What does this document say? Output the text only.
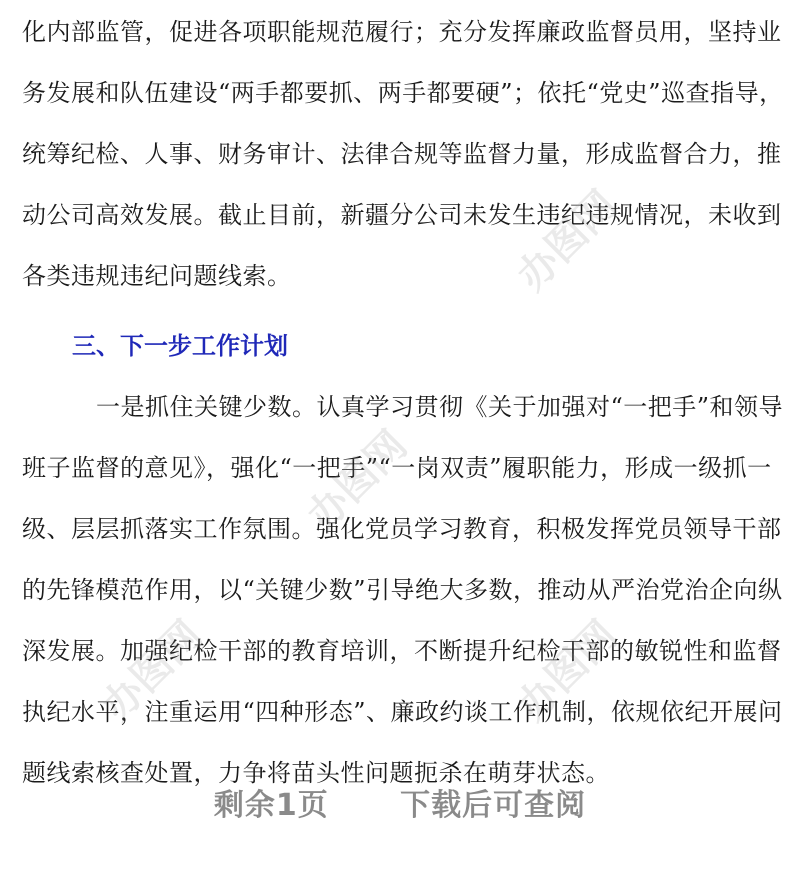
化内部监管，促进各项职能规范履行；充分发挥廉政监督员用，坚持业
务发展和队伍建设“两手都要抓、两手都要硬”；依托“党史”巡查指导，
统筹纪检、人事、财务审计、法律合规等监督力量，形成监督合力，推
动公司高效发展。截止目前，新疆分公司未发生违纪违规情况，未收到
各类违规违纪问题线索。

三、下一步工作计划

一是抓住关键少数。认真学习贯彻《关于加强对“一把手”和领导
班子监督的意见》，强化“一把手”“一岗双责”履职能力，形成一级抓一
级、层层抓落实工作氛围。强化党员学习教育，积极发挥党员领导干部
的先锋模范作用，以“关键少数”引导绝大多数，推动从严治党治企向纵
深发展。加强纪检干部的教育培训，不断提升纪检干部的敏锐性和监督
执纪水平，注重运用“四种形态”、廉政约谈工作机制，依规依纪开展问
题线索核查处置，力争将苗头性问题扼杀在萌芽状态。

办图网
办图网
办图网	办图网
剩余1页 下载后可查阅
